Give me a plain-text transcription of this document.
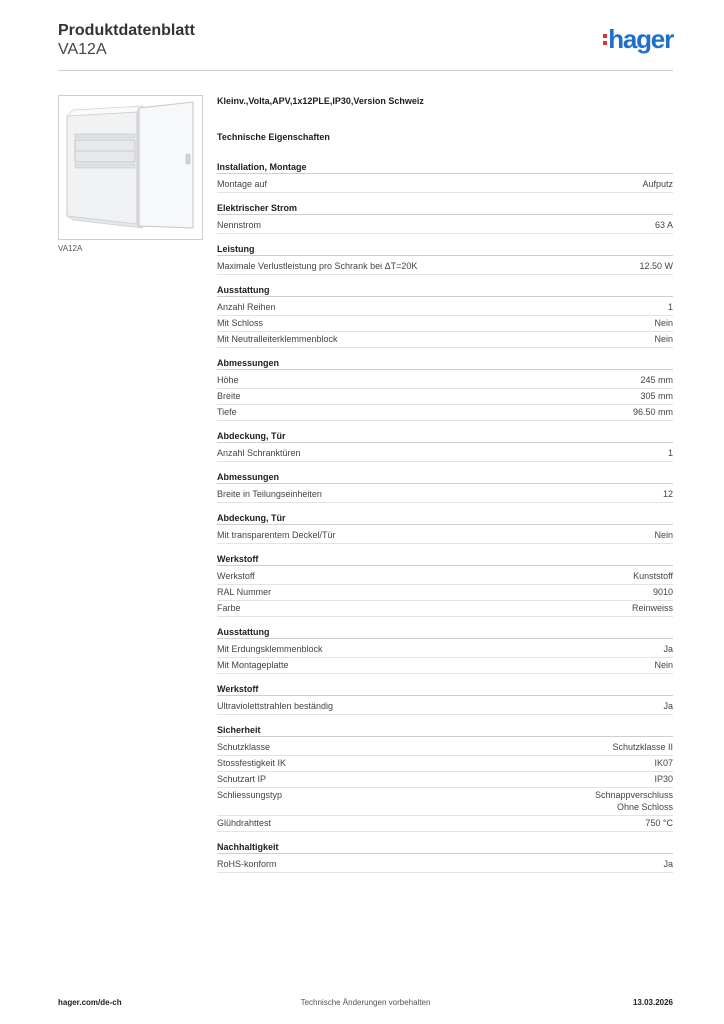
Produktdatenblatt
VA12A	hager
VA12A
Kleinv.,Volta,APV,1x12PLE,IP30,Version Schweiz
Technische Eigenschaften
Installation, Montage
Montage auf	Aufputz
Elektrischer Strom
Nennstrom	63 A
Leistung
Maximale Verlustleistung pro Schrank bei ΔT=20K	12.50 W
Ausstattung
Anzahl Reihen	1
Mit Schloss	Nein
Mit Neutralleiterklemmenblock	Nein
Abmessungen
Höhe	245 mm
Breite	305 mm
Tiefe	96.50 mm
Abdeckung, Tür
Anzahl Schranktüren	1
Abmessungen
Breite in Teilungseinheiten	12
Abdeckung, Tür
Mit transparentem Deckel/Tür	Nein
Werkstoff
Werkstoff	Kunststoff
RAL Nummer	9010
Farbe	Reinweiss
Ausstattung
Mit Erdungsklemmenblock	Ja
Mit Montageplatte	Nein
Werkstoff
Ultraviolettstrahlen beständig	Ja
Sicherheit
Schutzklasse	Schutzklasse II
Stossfestigkeit IK	IK07
Schutzart IP	IP30
Schliessungstyp	Schnappverschluss
Ohne Schloss
Glühdrahttest	750 °C
Nachhaltigkeit
RoHS-konform	Ja
Technische Änderungen vorbehalten
hager.com/de-ch	13.03.2026
